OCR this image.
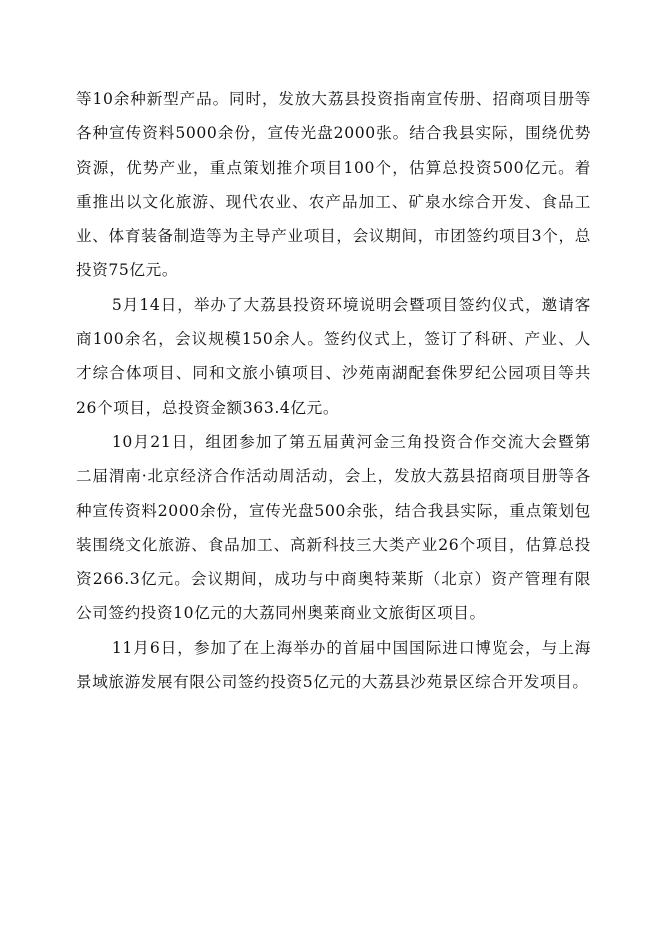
等10余种新型产品。同时，发放大荔县投资指南宣传册、招商项目册等各种宣传资料5000余份，宣传光盘2000张。结合我县实际，围绕优势资源，优势产业，重点策划推介项目100个，估算总投资500亿元。着重推出以文化旅游、现代农业、农产品加工、矿泉水综合开发、食品工业、体育装备制造等为主导产业项目，会议期间，市团签约项目3个，总投资75亿元。

5月14日，举办了大荔县投资环境说明会暨项目签约仪式，邀请客商100余名，会议规模150余人。签约仪式上，签订了科研、产业、人才综合体项目、同和文旅小镇项目、沙苑南湖配套侏罗纪公园项目等共26个项目，总投资金额363.4亿元。

10月21日，组团参加了第五届黄河金三角投资合作交流大会暨第二届渭南·北京经济合作活动周活动，会上，发放大荔县招商项目册等各种宣传资料2000余份，宣传光盘500余张，结合我县实际，重点策划包装围绕文化旅游、食品加工、高新科技三大类产业26个项目，估算总投资266.3亿元。会议期间，成功与中商奥特莱斯（北京）资产管理有限公司签约投资10亿元的大荔同州奥莱商业文旅街区项目。

11月6日，参加了在上海举办的首届中国国际进口博览会，与上海景域旅游发展有限公司签约投资5亿元的大荔县沙苑景区综合开发项目。
